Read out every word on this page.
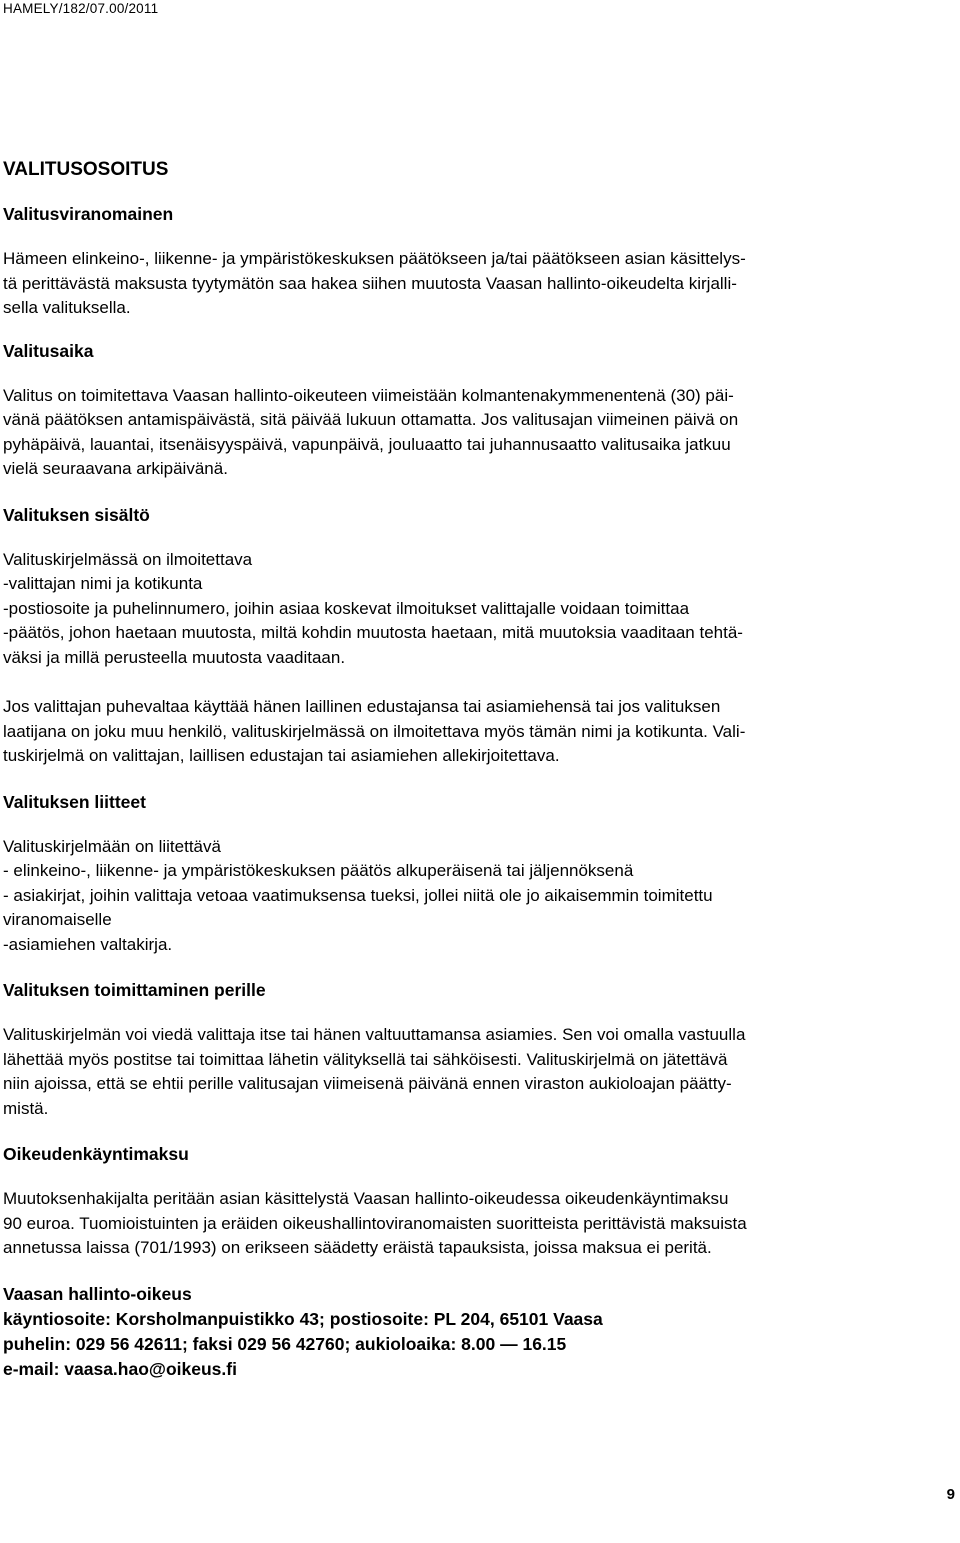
HAMELY/182/07.00/2011
VALITUSOSOITUS
Valitusviranomainen

Hämeen elinkeino-, liikenne- ja ympäristökeskuksen päätökseen ja/tai päätökseen asian käsittelys-
tä perittävästä maksusta tyytymätön saa hakea siihen muutosta Vaasan hallinto-oikeudelta kirjalli-
sella valituksella.

Valitusaika

Valitus on toimitettava Vaasan hallinto-oikeuteen viimeistään kolmantenakymmenentenä (30) päi-
vänä päätöksen antamispäivästä, sitä päivää lukuun ottamatta. Jos valitusajan viimeinen päivä on
pyhäpäivä, lauantai, itsenäisyyspäivä, vapunpäivä, jouluaatto tai juhannusaatto valitusaika jatkuu
vielä seuraavana arkipäivänä.

Valituksen sisältö

Valituskirjelmässä on ilmoitettava
-valittajan nimi ja kotikunta
-postiosoite ja puhelinnumero, joihin asiaa koskevat ilmoitukset valittajalle voidaan toimittaa
-päätös, johon haetaan muutosta, miltä kohdin muutosta haetaan, mitä muutoksia vaaditaan tehtä-
väksi ja millä perusteella muutosta vaaditaan.

Jos valittajan puhevaltaa käyttää hänen laillinen edustajansa tai asiamiehensä tai jos valituksen
laatijana on joku muu henkilö, valituskirjelmässä on ilmoitettava myös tämän nimi ja kotikunta. Vali-
tuskirjelmä on valittajan, laillisen edustajan tai asiamiehen allekirjoitettava.

Valituksen liitteet

Valituskirjelmään on liitettävä
- elinkeino-, liikenne- ja ympäristökeskuksen päätös alkuperäisenä tai jäljennöksenä
- asiakirjat, joihin valittaja vetoaa vaatimuksensa tueksi, jollei niitä ole jo aikaisemmin toimitettu
viranomaiselle
-asiamiehen valtakirja.

Valituksen toimittaminen perille

Valituskirjelmän voi viedä valittaja itse tai hänen valtuuttamansa asiamies. Sen voi omalla vastuulla
lähettää myös postitse tai toimittaa lähetin välityksellä tai sähköisesti. Valituskirjelmä on jätettävä
niin ajoissa, että se ehtii perille valitusajan viimeisenä päivänä ennen viraston aukioloajan päätty-
mistä.

Oikeudenkäyntimaksu

Muutoksenhakijalta peritään asian käsittelystä Vaasan hallinto-oikeudessa oikeudenkäyntimaksu
90 euroa. Tuomioistuinten ja eräiden oikeushallintoviranomaisten suoritteista perittävistä maksuista
annetussa laissa (701/1993) on erikseen säädetty eräistä tapauksista, joissa maksua ei peritä.

Vaasan hallinto-oikeus
käyntiosoite: Korsholmanpuistikko 43; postiosoite: PL 204, 65101 Vaasa
puhelin: 029 56 42611; faksi 029 56 42760; aukioloaika: 8.00 — 16.15
e-mail: vaasa.hao@oikeus.fi
9
